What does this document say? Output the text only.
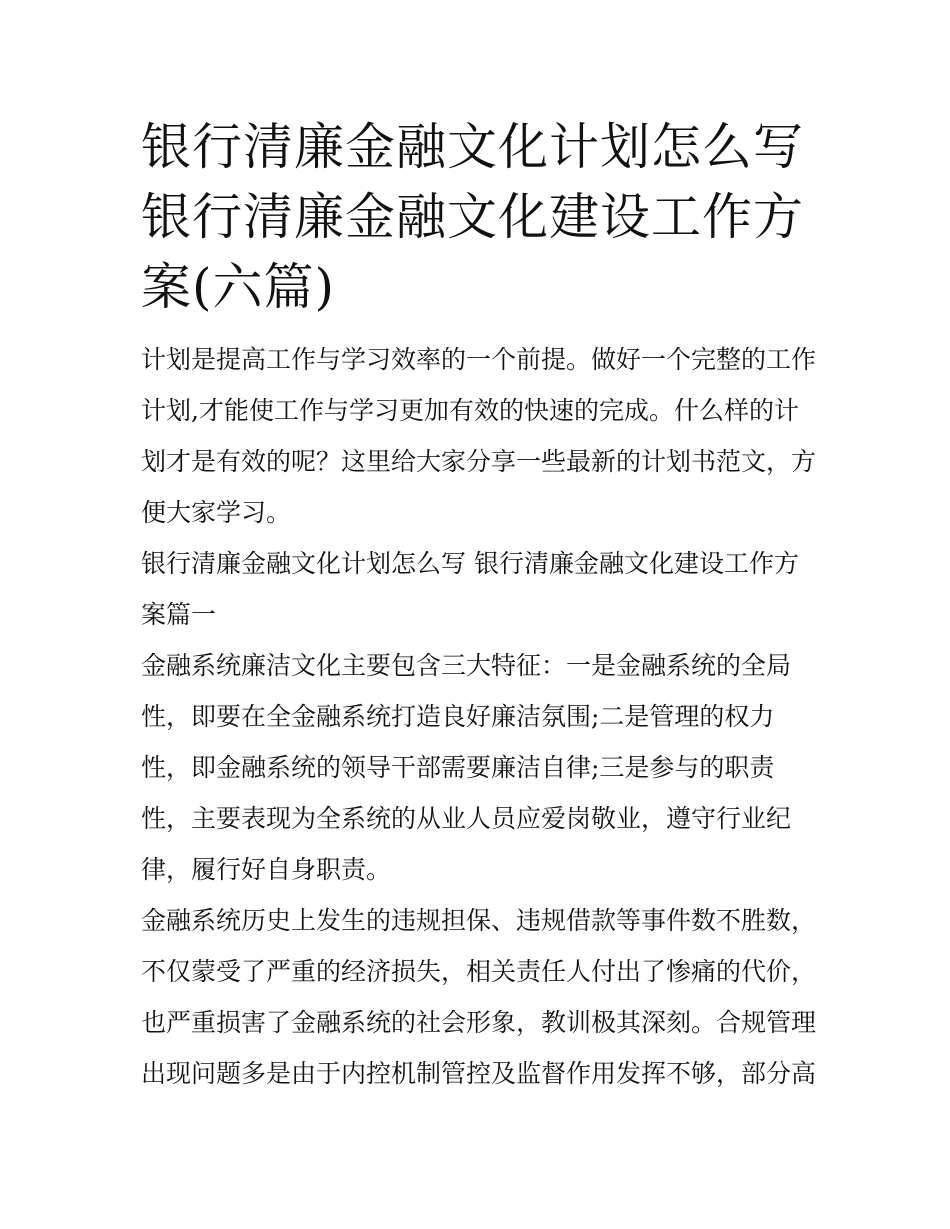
银行清廉金融文化计划怎么写
银行清廉金融文化建设工作方
案(六篇)

计划是提高工作与学习效率的一个前提。做好一个完整的工作
计划,才能使工作与学习更加有效的快速的完成。什么样的计
划才是有效的呢？这里给大家分享一些最新的计划书范文，方
便大家学习。

银行清廉金融文化计划怎么写 银行清廉金融文化建设工作方
案篇一

金融系统廉洁文化主要包含三大特征：一是金融系统的全局
性，即要在全金融系统打造良好廉洁氛围;二是管理的权力
性，即金融系统的领导干部需要廉洁自律;三是参与的职责
性，主要表现为全系统的从业人员应爱岗敬业，遵守行业纪
律，履行好自身职责。

金融系统历史上发生的违规担保、违规借款等事件数不胜数，
不仅蒙受了严重的经济损失，相关责任人付出了惨痛的代价，
也严重损害了金融系统的社会形象，教训极其深刻。合规管理
出现问题多是由于内控机制管控及监督作用发挥不够，部分高
